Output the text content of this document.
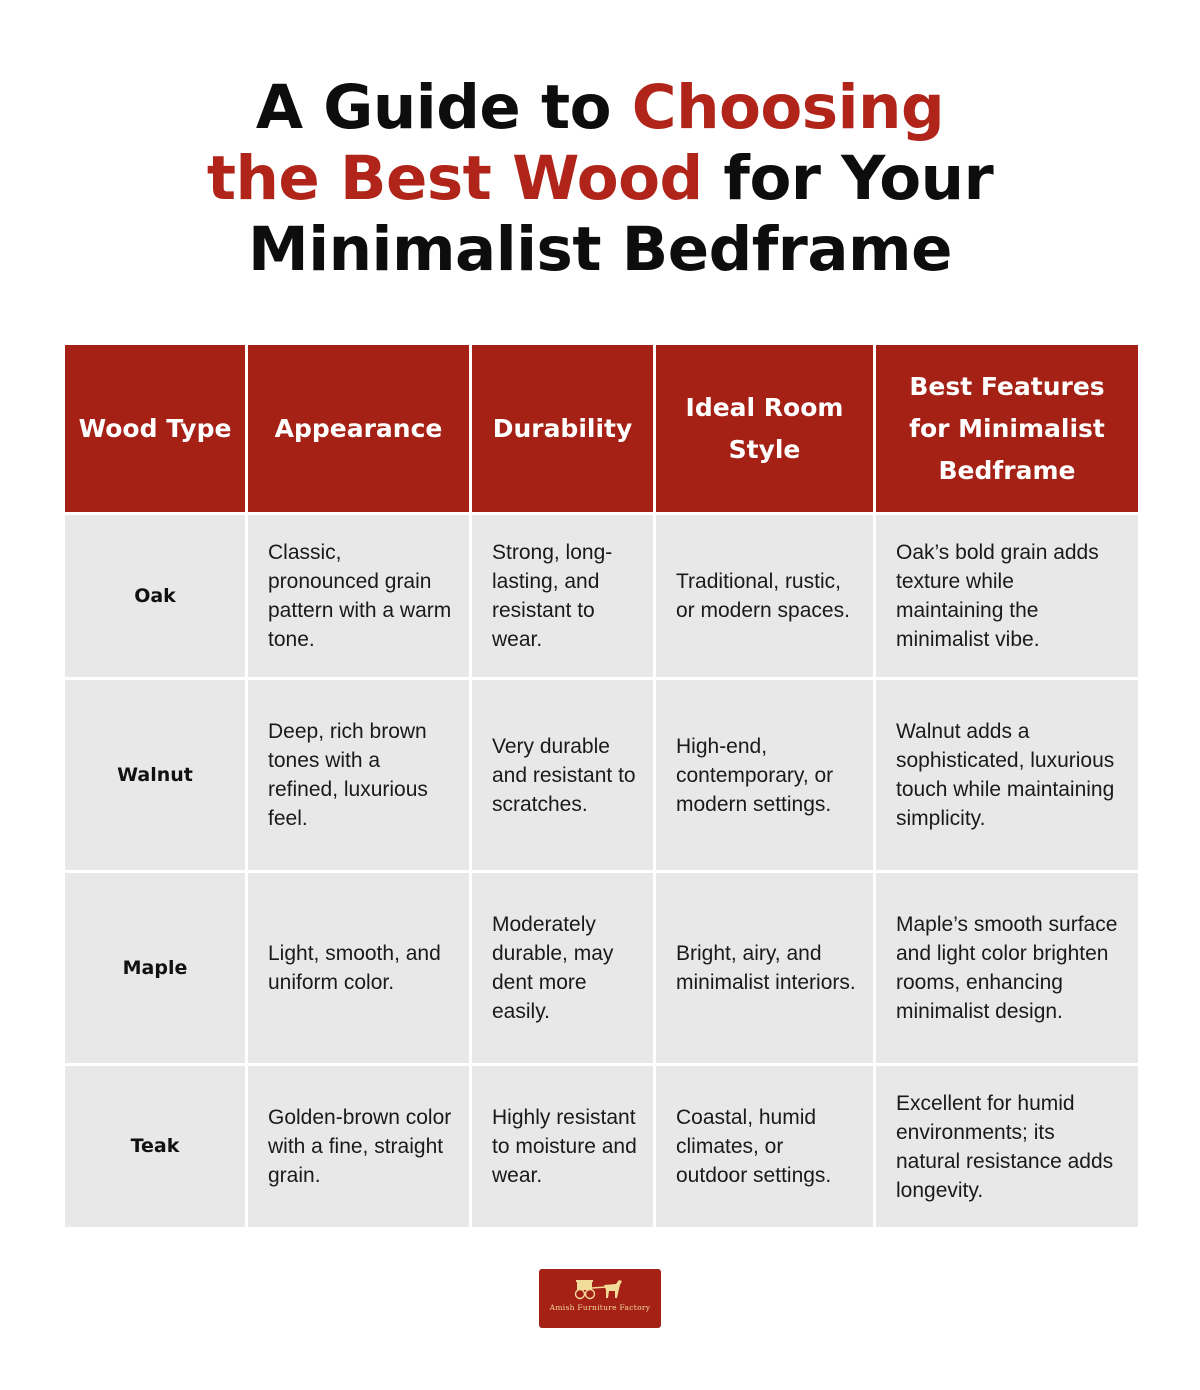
A Guide to Choosing
the Best Wood for Your
Minimalist Bedframe
Wood Type	Appearance	Durability	Ideal Room Style	Best Features for Minimalist Bedframe
Oak	Classic, pronounced grain pattern with a warm tone.	Strong, long-lasting, and resistant to wear.	Traditional, rustic, or modern spaces.	Oak’s bold grain adds texture while maintaining the minimalist vibe.
Walnut	Deep, rich brown tones with a refined, luxurious feel.	Very durable and resistant to scratches.	High-end, contemporary, or modern settings.	Walnut adds a sophisticated, luxurious touch while maintaining simplicity.
Maple	Light, smooth, and uniform color.	Moderately durable, may dent more easily.	Bright, airy, and minimalist interiors.	Maple’s smooth surface and light color brighten rooms, enhancing minimalist design.
Teak	Golden-brown color with a fine, straight grain.	Highly resistant to moisture and wear.	Coastal, humid climates, or outdoor settings.	Excellent for humid environments; its natural resistance adds longevity.
Amish Furniture Factory
